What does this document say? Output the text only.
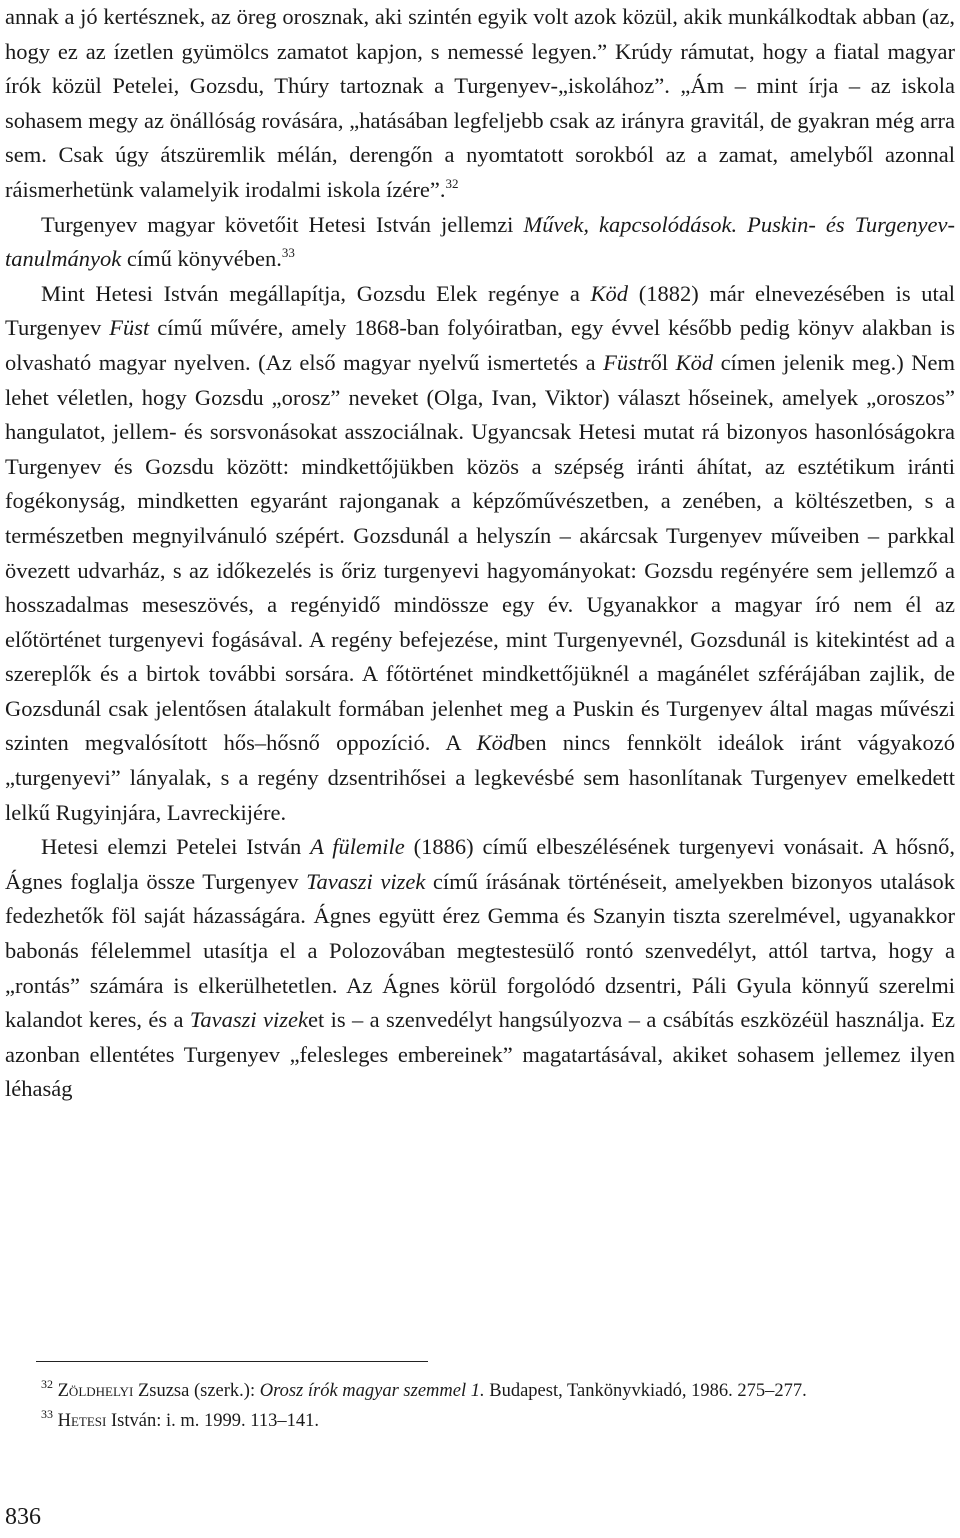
annak a jó kertésznek, az öreg orosznak, aki szintén egyik volt azok közül, akik munkálkodtak abban (az, hogy ez az ízetlen gyümölcs zamatot kapjon, s nemessé legyen.” Krúdy rámutat, hogy a fiatal magyar írók közül Petelei, Gozsdu, Thúry tartoznak a Turgenyev-„iskolához”. „Ám – mint írja – az iskola sohasem megy az önállóság rovására, „hatásában legfeljebb csak az irányra gravitál, de gyakran még arra sem. Csak úgy átszüremlik mélán, derengőn a nyomtatott sorokból az a zamat, amelyből azonnal ráismerhetünk valamelyik irodalmi iskola ízére”.$^{32}$

Turgenyev magyar követőit Hetesi István jellemzi Művek, kapcsolódások. Puskin- és Turgenyev-tanulmányok című könyvében.$^{33}$

Mint Hetesi István megállapítja, Gozsdu Elek regénye a Köd (1882) már elnevezésében is utal Turgenyev Füst című művére, amely 1868-ban folyóiratban, egy évvel később pedig könyv alakban is olvasható magyar nyelven. (Az első magyar nyelvű ismertetés a Füstről Köd címen jelenik meg.) Nem lehet véletlen, hogy Gozsdu „orosz” neveket (Olga, Ivan, Viktor) választ hőseinek, amelyek „oroszos” hangulatot, jellem- és sorsvonásokat asszociálnak. Ugyancsak Hetesi mutat rá bizonyos hasonlóságokra Turgenyev és Gozsdu között: mindkettőjükben közös a szépség iránti áhítat, az esztétikum iránti fogékonyság, mindketten egyaránt rajonganak a képzőművészetben, a zenében, a költészetben, s a természetben megnyilvánuló szépért. Gozsdunál a helyszín – akárcsak Turgenyev műveiben – parkkal övezett udvarház, s az időkezelés is őriz turgenyevi hagyományokat: Gozsdu regényére sem jellemző a hosszadalmas meseszövés, a regényidő mindössze egy év. Ugyanakkor a magyar író nem él az előtörténet turgenyevi fogásával. A regény befejezése, mint Turgenyevnél, Gozsdunál is kitekintést ad a szereplők és a birtok további sorsára. A főtörténet mindkettőjüknél a magánélet szférájában zajlik, de Gozsdunál csak jelentősen átalakult formában jelenhet meg a Puskin és Turgenyev által magas művészi szinten megvalósított hős–hősnő oppozíció. A Ködben nincs fennkölt ideálok iránt vágyakozó „turgenyevi” lányalak, s a regény dzsentrihősei a legkevésbé sem hasonlítanak Turgenyev emelkedett lelkű Rugyinjára, Lavreckijére.

Hetesi elemzi Petelei István A fülemile (1886) című elbeszélésének turgenyevi vonásait. A hősnő, Ágnes foglalja össze Turgenyev Tavaszi vizek című írásának történéseit, amelyekben bizonyos utalások fedezhetők föl saját házasságára. Ágnes együtt érez Gemma és Szanyin tiszta szerelmével, ugyanakkor babonás félelemmel utasítja el a Polozovában megtestesülő rontó szenvedélyt, attól tartva, hogy a „rontás” számára is elkerülhetetlen. Az Ágnes körül forgolódó dzsentri, Páli Gyula könnyű szerelmi kalandot keres, és a Tavaszi vizeket is – a szenvedélyt hangsúlyozva – a csábítás eszközéül használja. Ez azonban ellentétes Turgenyev „felesleges embereinek” magatartásával, akiket sohasem jellemez ilyen léhaság

$^{32}$ Zöldhelyi Zsuzsa (szerk.): Orosz írók magyar szemmel 1. Budapest, Tankönyvkiadó, 1986. 275–277.

$^{33}$ Hetesi István: i. m. 1999. 113–141.

836
